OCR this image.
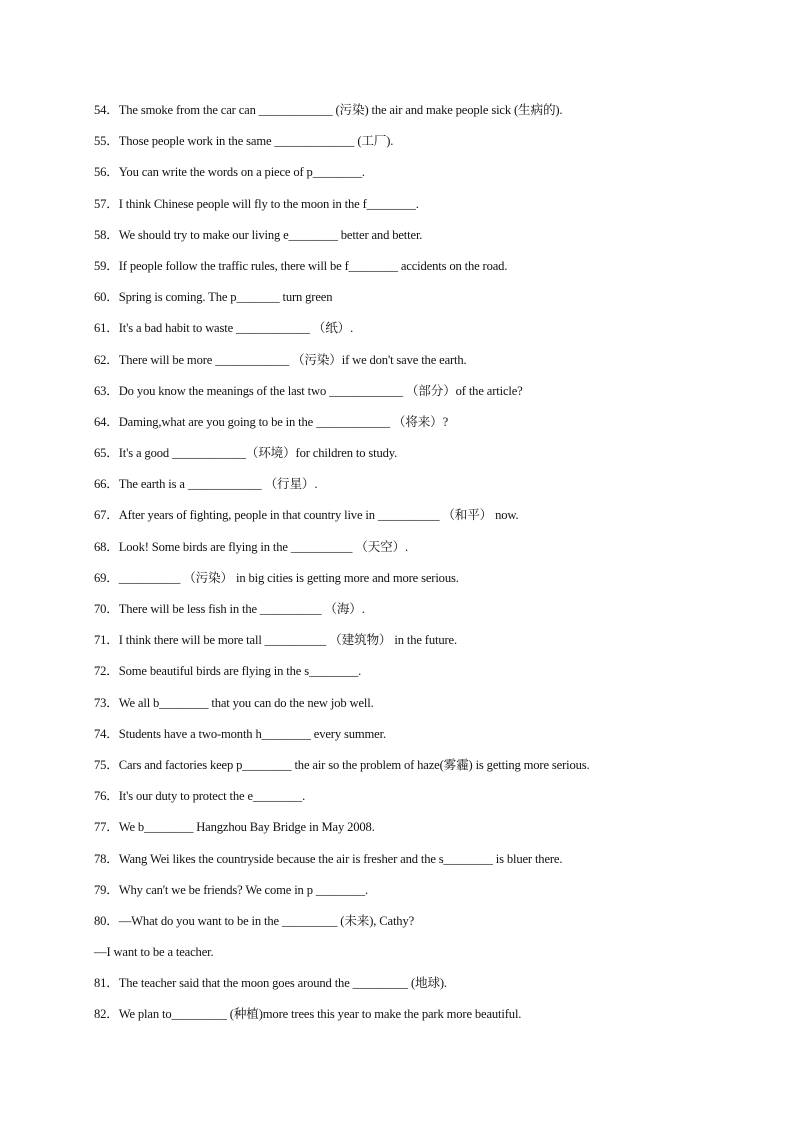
54．The smoke from the car can ____________ (污染) the air and make people sick (生病的).
55．Those people work in the same _____________ (工厂).
56．You can write the words on a piece of p________.
57．I think Chinese people will fly to the moon in the f________.
58．We should try to make our living e________ better and better.
59．If people follow the traffic rules, there will be f________ accidents on the road.
60．Spring is coming. The p_______ turn green
61．It's a bad habit to waste ____________ （纸）.
62．There will be more ____________ （污染）if we don't save the earth.
63．Do you know the meanings of the last two ____________ （部分）of the article?
64．Daming,what are you going to be in the ____________ （将来）?
65．It's a good ____________（环境）for children to study.
66．The earth is a ____________ （行星）.
67．After years of fighting, people in that country live in __________ （和平） now.
68．Look! Some birds are flying in the __________ （天空）.
69．__________ （污染） in big cities is getting more and more serious.
70．There will be less fish in the __________ （海）.
71．I think there will be more tall __________ （建筑物） in the future.
72．Some beautiful birds are flying in the s________.
73．We all b________ that you can do the new job well.
74．Students have a two-month h________ every summer.
75．Cars and factories keep p________ the air so the problem of haze(雾霾) is getting more serious.
76．It's our duty to protect the e________.
77．We b________ Hangzhou Bay Bridge in May 2008.
78．Wang Wei likes the countryside because the air is fresher and the s________ is bluer there.
79．Why can't we be friends? We come in p ________.
80．—What do you want to be in the _________ (未来), Cathy?
—I want to be a teacher.
81．The teacher said that the moon goes around the _________ (地球).
82．We plan to_________ (种植)more trees this year to make the park more beautiful.
